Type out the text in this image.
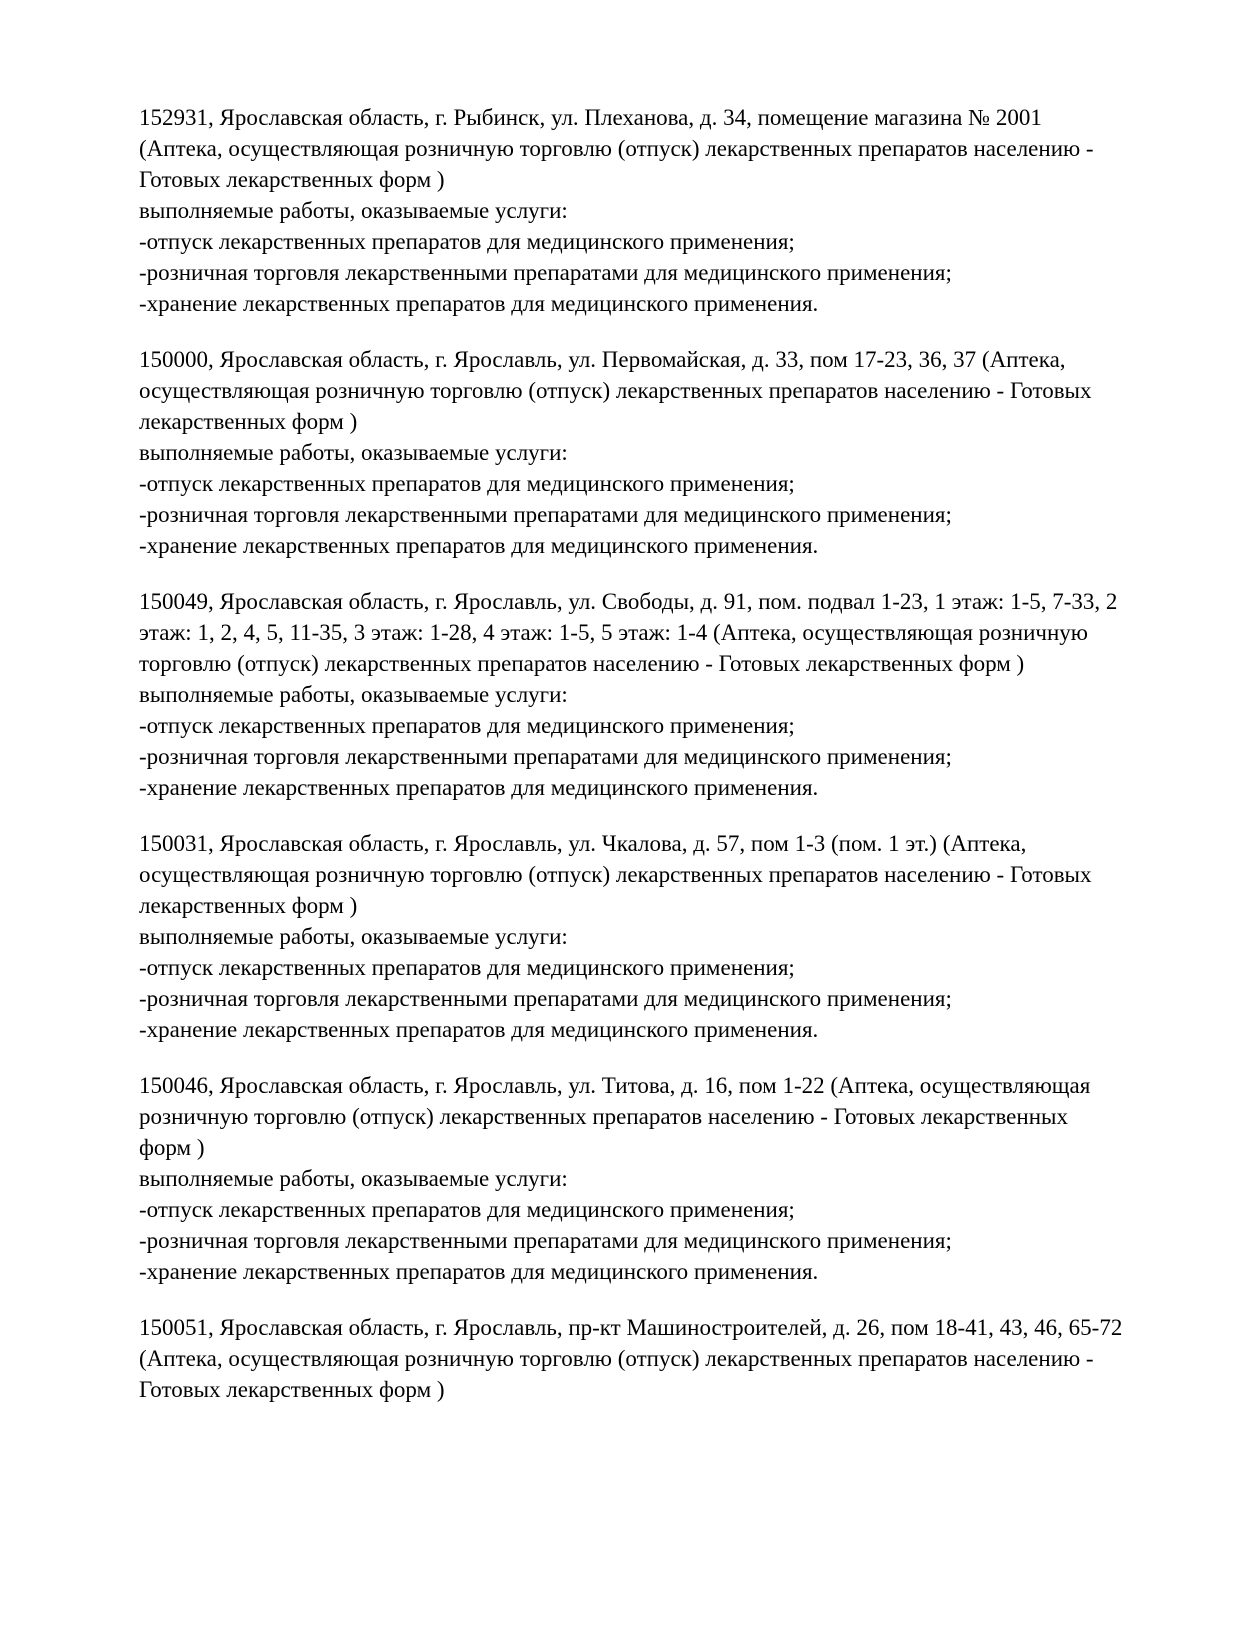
152931, Ярославская область, г. Рыбинск, ул. Плеханова, д. 34, помещение магазина № 2001 (Аптека, осуществляющая розничную торговлю (отпуск) лекарственных препаратов населению - Готовых лекарственных форм )

выполняемые работы, оказываемые услуги:

-отпуск лекарственных препаратов для медицинского применения;

-розничная торговля лекарственными препаратами для медицинского применения;

-хранение лекарственных препаратов для медицинского применения.

150000, Ярославская область, г. Ярославль, ул. Первомайская, д. 33, пом 17-23, 36, 37 (Аптека, осуществляющая розничную торговлю (отпуск) лекарственных препаратов населению - Готовых лекарственных форм )

выполняемые работы, оказываемые услуги:

-отпуск лекарственных препаратов для медицинского применения;

-розничная торговля лекарственными препаратами для медицинского применения;

-хранение лекарственных препаратов для медицинского применения.

150049, Ярославская область, г. Ярославль, ул. Свободы, д. 91, пом. подвал 1-23, 1 этаж: 1-5, 7-33, 2 этаж: 1, 2, 4, 5, 11-35, 3 этаж: 1-28, 4 этаж: 1-5, 5 этаж: 1-4 (Аптека, осуществляющая розничную торговлю (отпуск) лекарственных препаратов населению - Готовых лекарственных форм )

выполняемые работы, оказываемые услуги:

-отпуск лекарственных препаратов для медицинского применения;

-розничная торговля лекарственными препаратами для медицинского применения;

-хранение лекарственных препаратов для медицинского применения.

150031, Ярославская область, г. Ярославль, ул. Чкалова, д. 57, пом 1-3 (пом. 1 эт.) (Аптека, осуществляющая розничную торговлю (отпуск) лекарственных препаратов населению - Готовых лекарственных форм )

выполняемые работы, оказываемые услуги:

-отпуск лекарственных препаратов для медицинского применения;

-розничная торговля лекарственными препаратами для медицинского применения;

-хранение лекарственных препаратов для медицинского применения.

150046, Ярославская область, г. Ярославль, ул. Титова, д. 16, пом 1-22 (Аптека, осуществляющая розничную торговлю (отпуск) лекарственных препаратов населению - Готовых лекарственных форм )

выполняемые работы, оказываемые услуги:

-отпуск лекарственных препаратов для медицинского применения;

-розничная торговля лекарственными препаратами для медицинского применения;

-хранение лекарственных препаратов для медицинского применения.

150051, Ярославская область, г. Ярославль, пр-кт Машиностроителей, д. 26, пом 18-41, 43, 46, 65-72 (Аптека, осуществляющая розничную торговлю (отпуск) лекарственных препаратов населению - Готовых лекарственных форм )
